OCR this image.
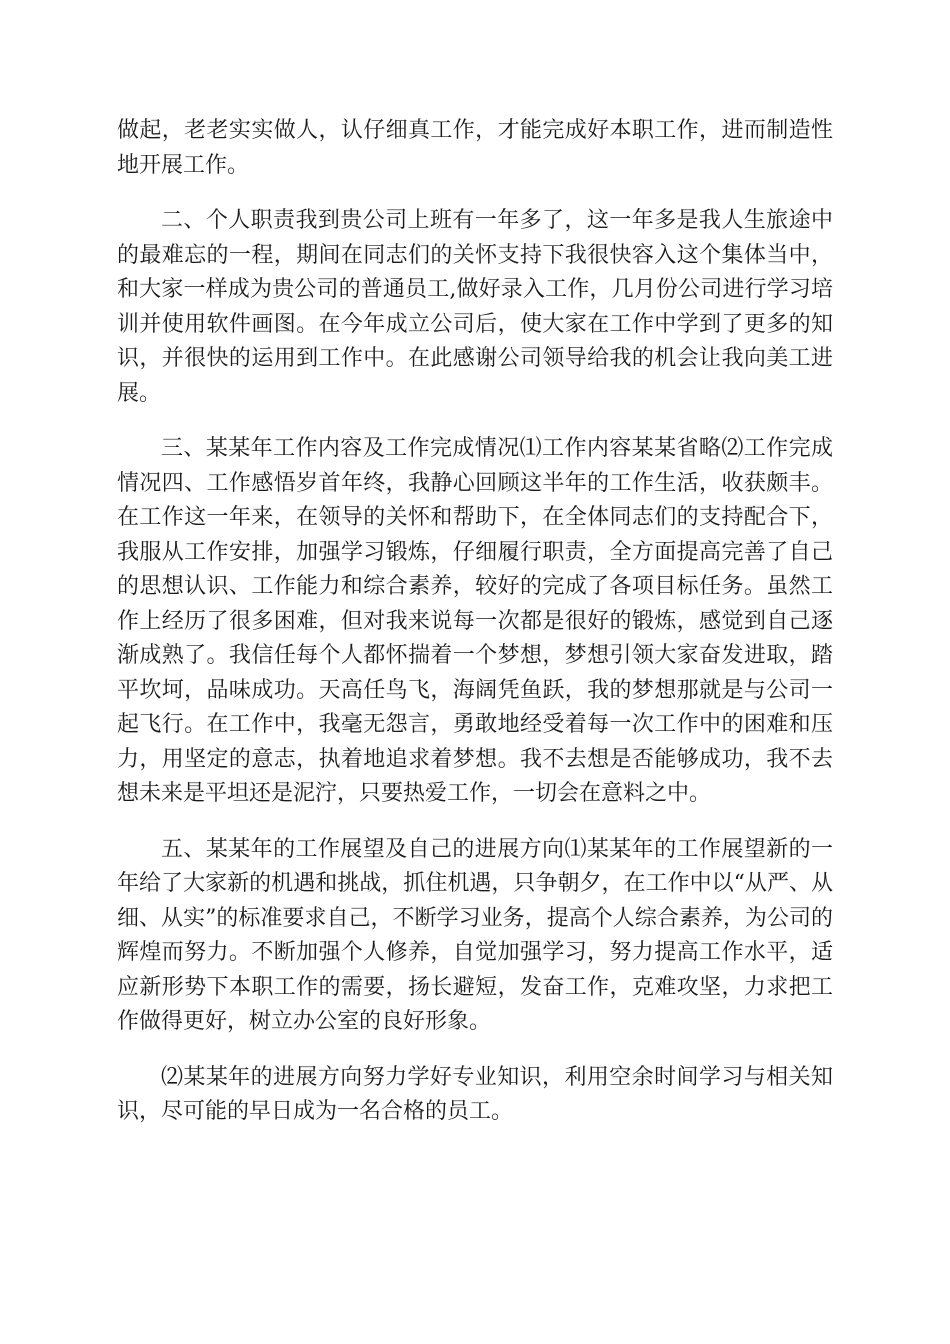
做起，老老实实做人，认仔细真工作，才能完成好本职工作，进而制造性地开展工作。

二、个人职责我到贵公司上班有一年多了，这一年多是我人生旅途中的最难忘的一程，期间在同志们的关怀支持下我很快容入这个集体当中，和大家一样成为贵公司的普通员工,做好录入工作，几月份公司进行学习培训并使用软件画图。在今年成立公司后，使大家在工作中学到了更多的知识，并很快的运用到工作中。在此感谢公司领导给我的机会让我向美工进展。

三、某某年工作内容及工作完成情况⑴工作内容某某省略⑵工作完成情况四、工作感悟岁首年终，我静心回顾这半年的工作生活，收获颇丰。在工作这一年来，在领导的关怀和帮助下，在全体同志们的支持配合下，我服从工作安排，加强学习锻炼，仔细履行职责，全方面提高完善了自己的思想认识、工作能力和综合素养，较好的完成了各项目标任务。虽然工作上经历了很多困难，但对我来说每一次都是很好的锻炼，感觉到自己逐渐成熟了。我信任每个人都怀揣着一个梦想，梦想引领大家奋发进取，踏平坎坷，品味成功。天高任鸟飞，海阔凭鱼跃，我的梦想那就是与公司一起飞行。在工作中，我毫无怨言，勇敢地经受着每一次工作中的困难和压力，用坚定的意志，执着地追求着梦想。我不去想是否能够成功，我不去想未来是平坦还是泥泞，只要热爱工作，一切会在意料之中。

五、某某年的工作展望及自己的进展方向⑴某某年的工作展望新的一年给了大家新的机遇和挑战，抓住机遇，只争朝夕，在工作中以“从严、从细、从实”的标准要求自己，不断学习业务，提高个人综合素养，为公司的辉煌而努力。不断加强个人修养，自觉加强学习，努力提高工作水平，适应新形势下本职工作的需要，扬长避短，发奋工作，克难攻坚，力求把工作做得更好，树立办公室的良好形象。

⑵某某年的进展方向努力学好专业知识，利用空余时间学习与相关知识，尽可能的早日成为一名合格的员工。
